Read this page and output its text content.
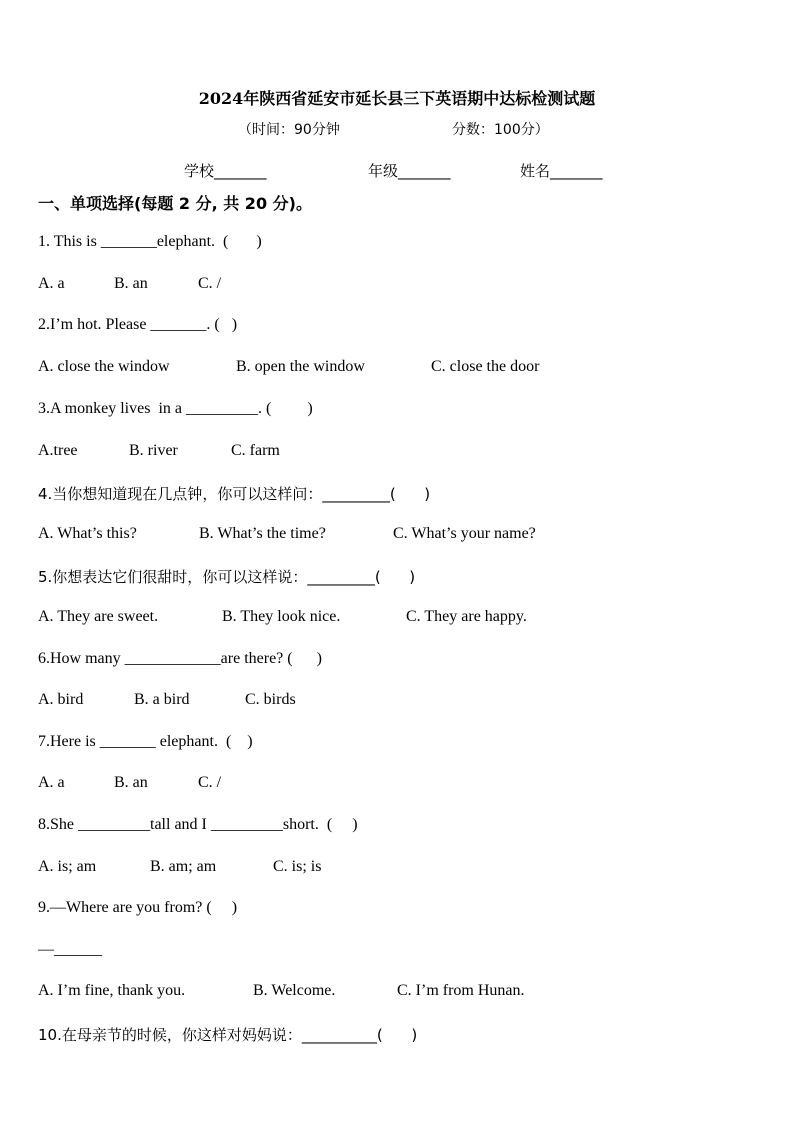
2024年陕西省延安市延长县三下英语期中达标检测试题
（时间：90分钟	分数：100分）
学校_______	年级_______	姓名_______
一、单项选择(每题 2 分, 共 20 分)。
1. This is _______elephant.  (       )
A. a	B. an	C. /
2.I’m hot. Please _______. (   )
A. close the window	B. open the window	C. close the door
3.A monkey lives  in a _________. (         )
A.tree	B. river	C. farm
4.当你想知道现在几点钟，你可以这样问：_________(      )
A. What’s this?	B. What’s the time?	C. What’s your name?
5.你想表达它们很甜时，你可以这样说：_________(      )
A. They are sweet.	B. They look nice.	C. They are happy.
6.How many ____________are there? (      )
A. bird	B. a bird	C. birds
7.Here is _______ elephant.  (    )
A. a	B. an	C. /
8.She _________tall and I _________short.  (     )
A. is; am	B. am; am	C. is; is
9.—Where are you from? (     )
—______
A. I’m fine, thank you.	B. Welcome.	C. I’m from Hunan.
10.在母亲节的时候，你这样对妈妈说：__________(      )
